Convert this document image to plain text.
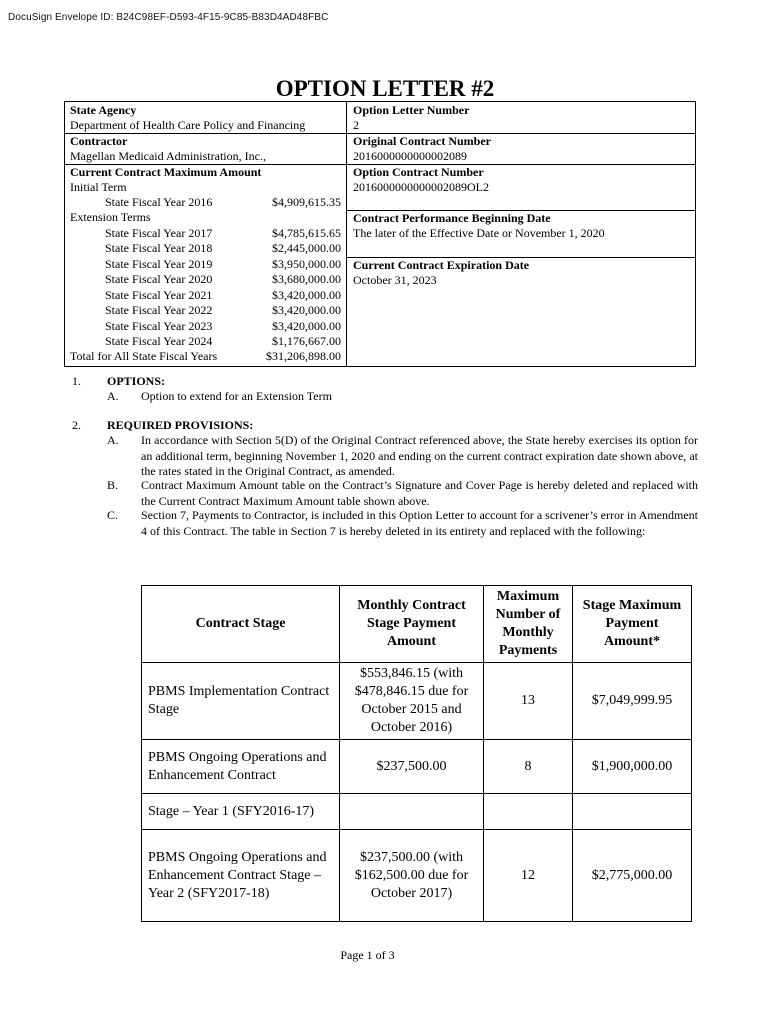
DocuSign Envelope ID: B24C98EF-D593-4F15-9C85-B83D4AD48FBC
OPTION LETTER #2
State Agency
Department of Health Care Policy and Financing
Contractor
Magellan Medicaid Administration, Inc.,
Current Contract Maximum Amount
Initial Term
State Fiscal Year 2016	$4,909,615.35
Extension Terms
State Fiscal Year 2017	$4,785,615.65
State Fiscal Year 2018	$2,445,000.00
State Fiscal Year 2019	$3,950,000.00
State Fiscal Year 2020	$3,680,000.00
State Fiscal Year 2021	$3,420,000.00
State Fiscal Year 2022	$3,420,000.00
State Fiscal Year 2023	$3,420,000.00
State Fiscal Year 2024	$1,176,667.00
Total for All State Fiscal Years	$31,206,898.00
Option Letter Number
2
Original Contract Number
2016000000000002089
Option Contract Number
2016000000000002089OL2
Contract Performance Beginning Date
The later of the Effective Date or November 1, 2020
Current Contract Expiration Date
October 31, 2023
1. OPTIONS:
A. Option to extend for an Extension Term
2. REQUIRED PROVISIONS:
A. In accordance with Section 5(D) of the Original Contract referenced above, the State hereby exercises its option for an additional term, beginning November 1, 2020 and ending on the current contract expiration date shown above, at the rates stated in the Original Contract, as amended.
B. Contract Maximum Amount table on the Contract’s Signature and Cover Page is hereby deleted and replaced with the Current Contract Maximum Amount table shown above.
C. Section 7, Payments to Contractor, is included in this Option Letter to account for a scrivener’s error in Amendment 4 of this Contract. The table in Section 7 is hereby deleted in its entirety and replaced with the following:
Contract Stage	Monthly Contract Stage Payment Amount	Maximum Number of Monthly Payments	Stage Maximum Payment Amount*
PBMS Implementation Contract Stage	$553,846.15 (with $478,846.15 due for October 2015 and October 2016)	13	$7,049,999.95
PBMS Ongoing Operations and Enhancement Contract	$237,500.00	8	$1,900,000.00
Stage – Year 1 (SFY2016-17)			
PBMS Ongoing Operations and Enhancement Contract Stage – Year 2 (SFY2017-18)	$237,500.00 (with $162,500.00 due for October 2017)	12	$2,775,000.00
Page 1 of 3
